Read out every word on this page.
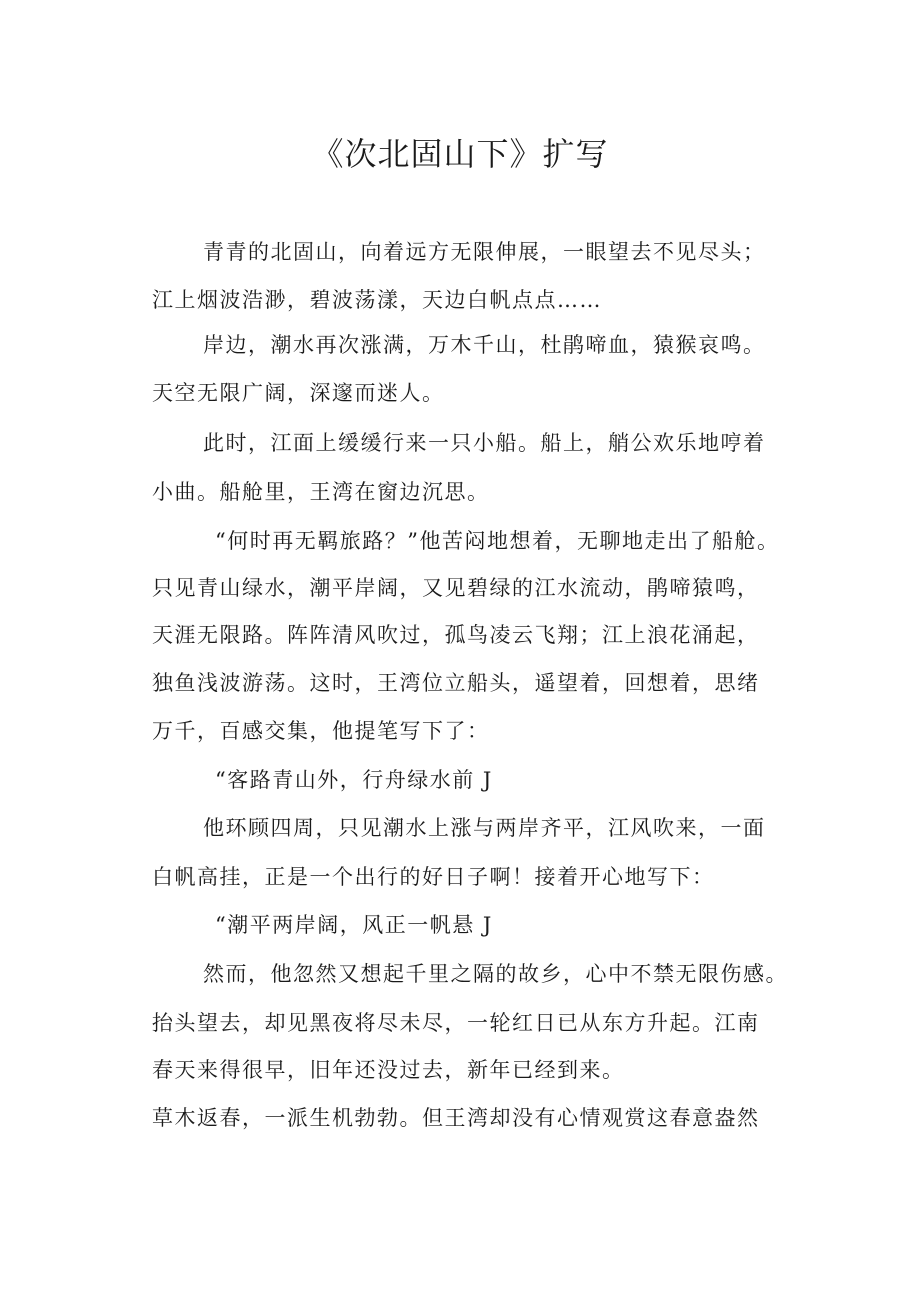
《次北固山下》扩写
青青的北固山，向着远方无限伸展，一眼望去不见尽头；
江上烟波浩渺，碧波荡漾，天边白帆点点……
岸边，潮水再次涨满，万木千山，杜鹃啼血，猿猴哀鸣。
天空无限广阔，深邃而迷人。
此时，江面上缓缓行来一只小船。船上，艄公欢乐地哼着
小曲。船舱里，王湾在窗边沉思。
“何时再无羁旅路？”他苦闷地想着，无聊地走出了船舱。
只见青山绿水，潮平岸阔，又见碧绿的江水流动，鹃啼猿鸣，
天涯无限路。阵阵清风吹过，孤鸟凌云飞翔；江上浪花涌起，
独鱼浅波游荡。这时，王湾位立船头，遥望着，回想着，思绪
万千，百感交集，他提笔写下了：
“客路青山外，行舟绿水前 J
他环顾四周，只见潮水上涨与两岸齐平，江风吹来，一面
白帆高挂，正是一个出行的好日子啊！接着开心地写下：
“潮平两岸阔，风正一帆悬 J
然而，他忽然又想起千里之隔的故乡，心中不禁无限伤感。
抬头望去，却见黑夜将尽未尽，一轮红日已从东方升起。江南
春天来得很早，旧年还没过去，新年已经到来。
草木返春，一派生机勃勃。但王湾却没有心情观赏这春意盎然
